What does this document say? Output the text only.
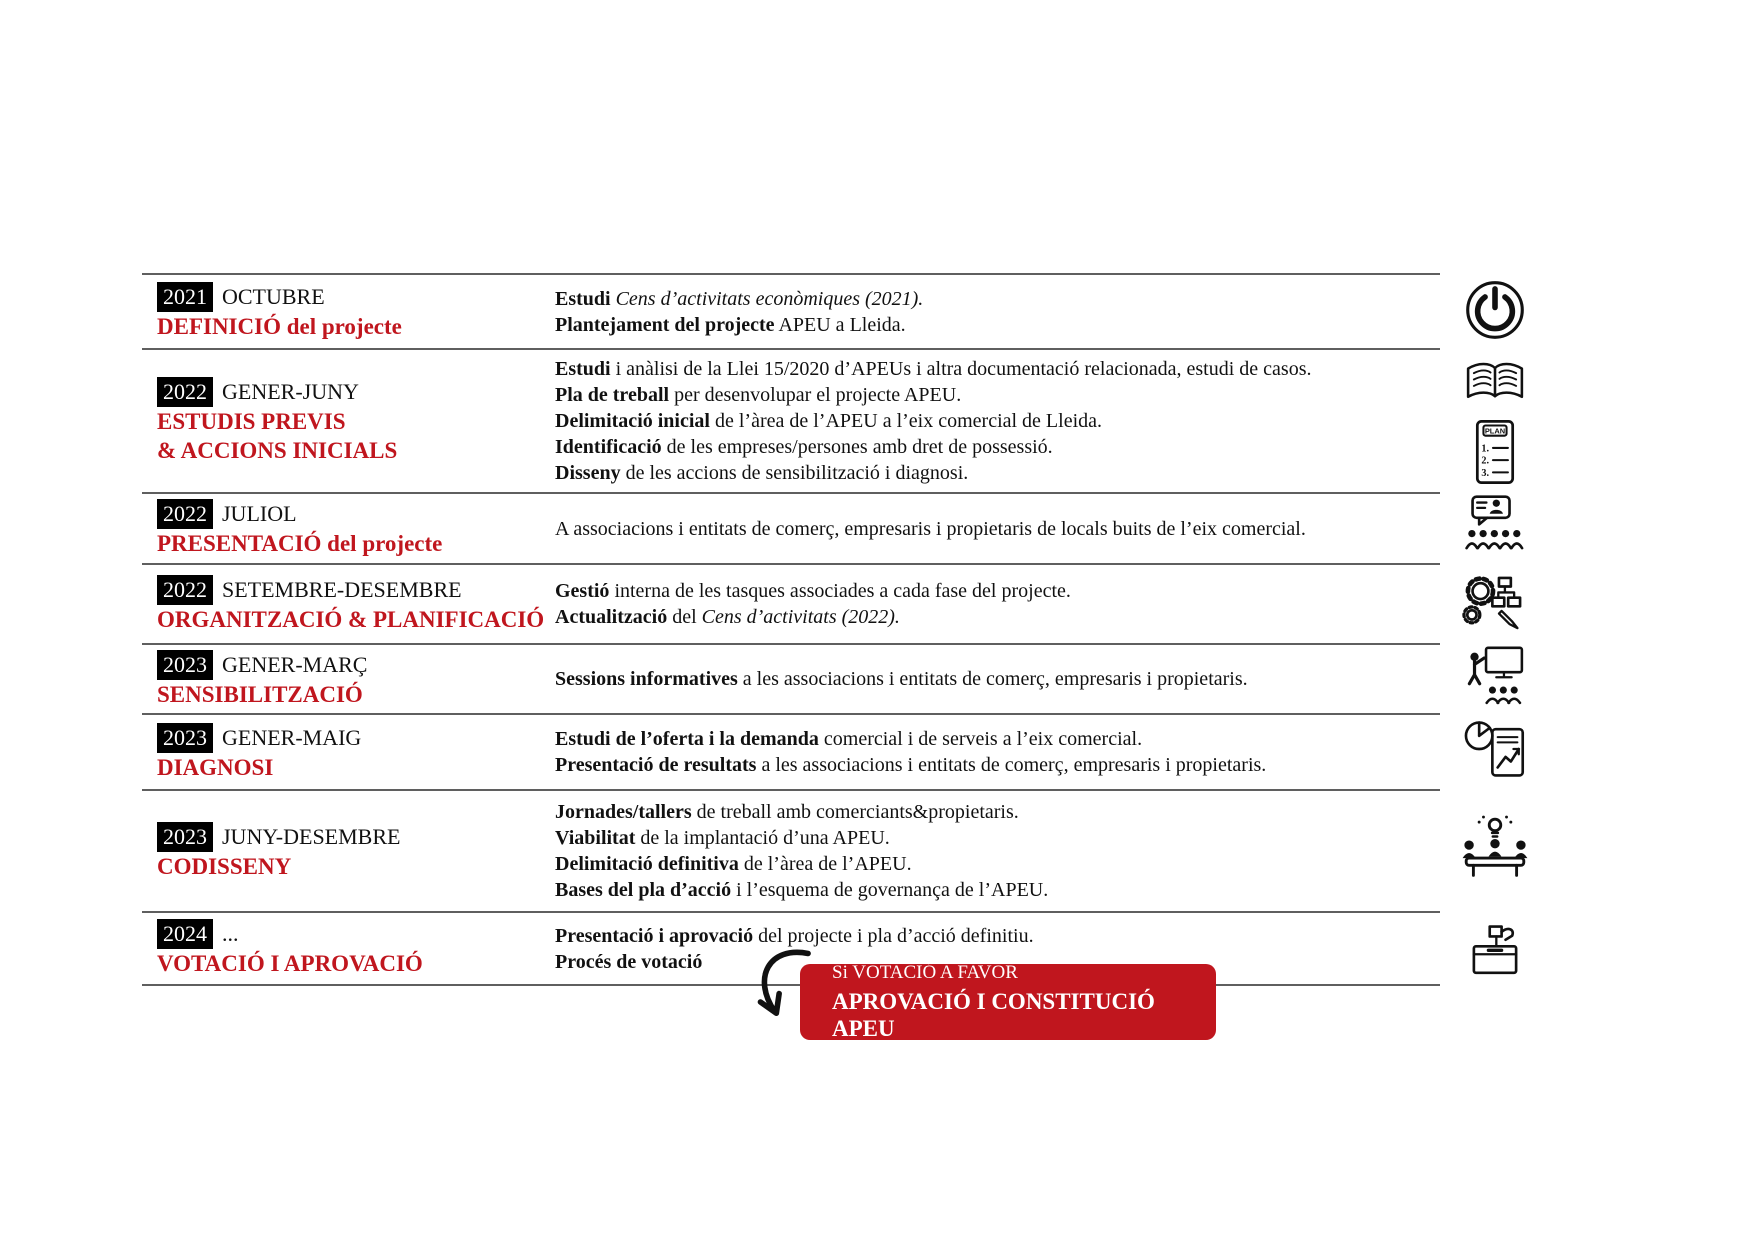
2021 OCTUBRE
DEFINICIÓ del projecte
Estudi Cens d’activitats econòmiques (2021).
Plantejament del projecte APEU a Lleida.
2022 GENER-JUNY
ESTUDIS PREVIS
& ACCIONS INICIALS
Estudi i anàlisi de la Llei 15/2020 d’APEUs i altra documentació relacionada, estudi de casos.
Pla de treball per desenvolupar el projecte APEU.
Delimitació inicial de l’àrea de l’APEU a l’eix comercial de Lleida.
Identificació de les empreses/persones amb dret de possessió.
Disseny de les accions de sensibilització i diagnosi.
2022 JULIOL
PRESENTACIÓ del projecte
A associacions i entitats de comerç, empresaris i propietaris de locals buits de l’eix comercial.
2022 SETEMBRE-DESEMBRE
ORGANITZACIÓ & PLANIFICACIÓ
Gestió interna de les tasques associades a cada fase del projecte.
Actualització del Cens d’activitats (2022).
2023 GENER-MARÇ
SENSIBILITZACIÓ
Sessions informatives a les associacions i entitats de comerç, empresaris i propietaris.
2023 GENER-MAIG
DIAGNOSI
Estudi de l’oferta i la demanda comercial i de serveis a l’eix comercial.
Presentació de resultats a les associacions i entitats de comerç, empresaris i propietaris.
2023 JUNY-DESEMBRE
CODISSENY
Jornades/tallers de treball amb comerciants&propietaris.
Viabilitat de la implantació d’una APEU.
Delimitació definitiva de l’àrea de l’APEU.
Bases del pla d’acció i l’esquema de governança de l’APEU.
2024 ...
VOTACIÓ I APROVACIÓ
Presentació i aprovació del projecte i pla d’acció definitiu.
Procés de votació
PLAN
1.
2.
3.
Si VOTACIÓ A FAVOR
APROVACIÓ I CONSTITUCIÓ APEU
